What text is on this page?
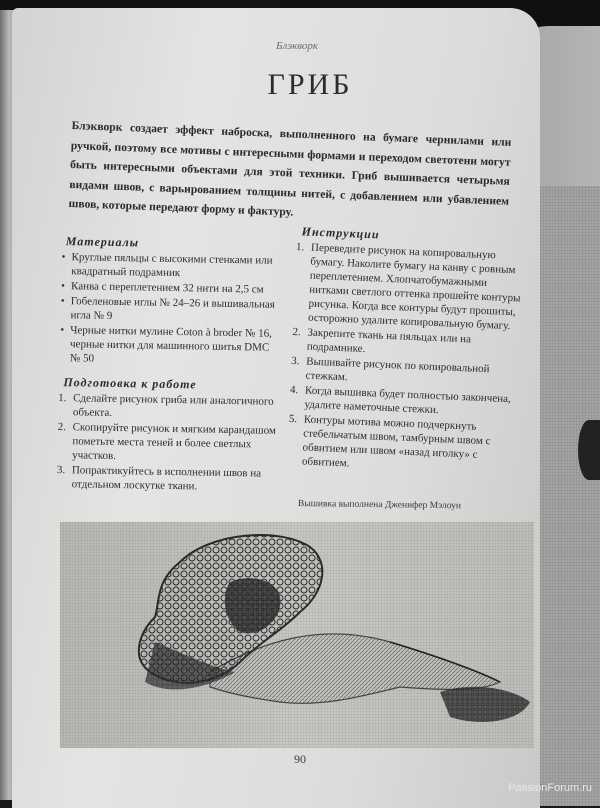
Блэкворк
ГРИБ
Блэкворк создает эффект наброска, выполненного на бумаге чернилами или ручкой, поэтому все мотивы с интересными формами и переходом светотени могут быть интересными объектами для этой техники. Гриб вышивается четырьмя видами швов, с варьированием толщины нитей, с добавлением или убавлением швов, которые передают форму и фактуру.
Материалы
• Круглые пяльцы с высокими стенками или квадратный подрамник
• Канва с переплетением 32 нити на 2,5 см
• Гобеленовые иглы № 24–26 и вышивальная игла № 9
• Черные нитки мулине Coton à broder № 16, черные нитки для машинного шитья DMC № 50
Подготовка к работе
1. Сделайте рисунок гриба или аналогичного объекта.
2. Скопируйте рисунок и мягким карандашом пометьте места теней и более светлых участков.
3. Попрактикуйтесь в исполнении швов на отдельном лоскутке ткани.
Инструкции
1. Переведите рисунок на копировальную бумагу. Наколите бумагу на канву с ровным переплетением. Хлопчатобумажными нитками светлого оттенка прошейте контуры рисунка. Когда все контуры будут прошиты, осторожно удалите копировальную бумагу.
2. Закрепите ткань на пяльцах или на подрамнике.
3. Вышивайте рисунок по копировальной стежкам.
4. Когда вышивка будет полностью закончена, удалите наметочные стежки.
5. Контуры мотива можно подчеркнуть стебельчатым швом, тамбурным швом с обвитием или швом «назад иголку» с обвитием.
Вышивка выполнена Дженифер Мэлоун
90
PassionForum.ru
